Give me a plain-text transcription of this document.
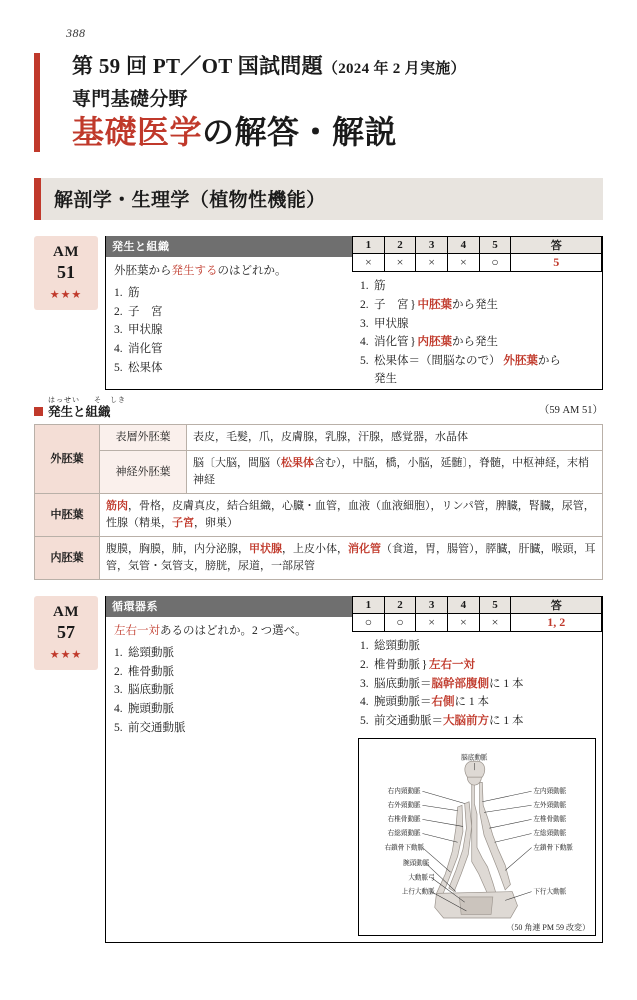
388
第 59 回 PT／OT 国試問題（2024 年 2 月実施）
専門基礎分野
基礎医学の解答・解説
解剖学・生理学（植物性機能）
AM
51
★★★
発生と組織
外胚葉から発生するのはどれか。
1. 筋
2. 子　宮
3. 甲状腺
4. 消化管
5. 松果体
1	2	3	4	5	答
×	×	×	×	○	5
1. 筋
2. 子　宮 } 中胚葉から発生
3. 甲状腺
4. 消化管 } 内胚葉から発生
5. 松果体＝（間脳なので） 外胚葉から
発生
はっせい そ　しき
発生と組織	（59 AM 51）
外胚葉	表層外胚葉	表皮，毛髪，爪，皮膚腺，乳腺，汗腺，感覚器，水晶体
	神経外胚葉	脳〔大脳，間脳（松果体含む），中脳，橋，小脳，延髄〕，脊髄，中枢神経，末梢神経
中胚葉	筋肉，骨格，皮膚真皮，結合組織，心臓・血管，血液（血液細胞），リンパ管，脾臓，腎臓，尿管，性腺（精巣，子宮，卵巣）	
内胚葉	腹膜，胸膜，肺，内分泌腺，甲状腺，上皮小体，消化管（食道，胃，腸管），膵臓，肝臓，喉頭，耳管，気管・気管支，膀胱，尿道，一部尿管	
AM
57
★★★
循環器系
左右一対あるのはどれか。2 つ選べ。
1. 総頸動脈
2. 椎骨動脈
3. 脳底動脈
4. 腕頭動脈
5. 前交通動脈
1	2	3	4	5	答
○	○	×	×	×	1, 2
1. 総頸動脈
2. 椎骨動脈 } 左右一対
3. 脳底動脈＝脳幹部腹側に 1 本
4. 腕頭動脈＝右側に 1 本
5. 前交通動脈＝大脳前方に 1 本
脳底動脈
右内頸動脈
右外頸動脈
右椎骨動脈
右総頸動脈
右鎖骨下動脈
腕頭動脈
大動脈弓
上行大動脈
左内頸動脈
左外頸動脈
左椎骨動脈
左総頸動脈
左鎖骨下動脈
下行大動脈
（50 角連 PM 59 改変）
